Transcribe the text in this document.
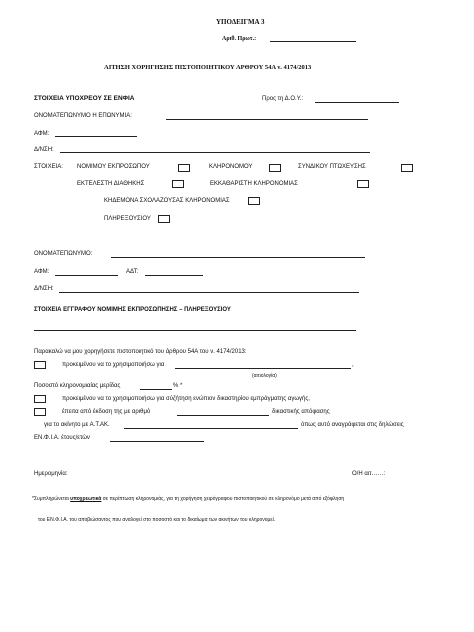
ΥΠΟΔΕΙΓΜΑ 3
Αριθ. Πρωτ.:
ΑΙΤΗΣΗ ΧΟΡΗΓΗΣΗΣ ΠΙΣΤΟΠΟΙΗΤΙΚΟΥ ΑΡΘΡΟΥ 54Α ν. 4174/2013
ΣΤΟΙΧΕΙΑ ΥΠΟΧΡΕΟΥ ΣΕ ΕΝΦΙΑ	Προς τη Δ.Ο.Υ.:
ΟΝΟΜΑΤΕΠΩΝΥΜΟ Η ΕΠΩΝΥΜΙΑ:
ΑΦΜ:
Δ/ΝΣΗ:
ΣΤΟΙΧΕΙΑ: ΝΟΜΙΜΟΥ ΕΚΠΡΟΣΩΠΟΥ	ΚΛΗΡΟΝΟΜΟΥ	ΣΥΝΔΙΚΟΥ ΠΤΩΧΕΥΣΗΣ
ΕΚΤΕΛΕΣΤΗ ΔΙΑΘΗΚΗΣ	ΕΚΚΑΘΑΡΙΣΤΗ ΚΛΗΡΟΝΟΜΙΑΣ
ΚΗΔΕΜΟΝΑ ΣΧΟΛΑΖΟΥΣΑΣ ΚΛΗΡΟΝΟΜΙΑΣ
ΠΛΗΡΕΞΟΥΣΙΟΥ
ΟΝΟΜΑΤΕΠΩΝΥΜΟ:
ΑΦΜ:	ΑΔΤ:
Δ/ΝΣΗ:
ΣΤΟΙΧΕΙΑ ΕΓΓΡΑΦΟΥ ΝΟΜΙΜΗΣ ΕΚΠΡΟΣΩΠΗΣΗΣ – ΠΛΗΡΕΞΟΥΣΙΟΥ
Παρακαλώ να μου χορηγήσετε πιστοποιητικό του άρθρου 54Α του ν. 4174/2013:
προκειμένου να το χρησιμοποιήσω για	,
(αιτιολογία)
Ποσοστό κληρονομιαίας μερίδας	% *
προκειμένου να το χρησιμοποιήσω για σύζήτηση ενώπιον δικαστηρίου εμπράγματης αγωγής,
έπειτα από έκδοση της με αριθμό	δικαστικής απόφασης
για το ακίνητο με Α.Τ.ΑΚ.	όπως αυτό αναγράφεται στις δηλώσεις
ΕΝ.Φ.Ι.Α. έτους/ετών
Ημερομηνία:	Ο/Η αιτ……:
*Συμπληρώνεται υποχρεωτικά σε περίπτωση κληρονομιάς, για τη χορήγηση χειρόγραφου πιστοποιητικού σε κληρονόμο μετά από εξόφληση
του ΕΝ.Φ.Ι.Α. του αποβιώσαντος που αναλογεί στο ποσοστό και το δικαίωμα των ακινήτων του κληρονομεί.
